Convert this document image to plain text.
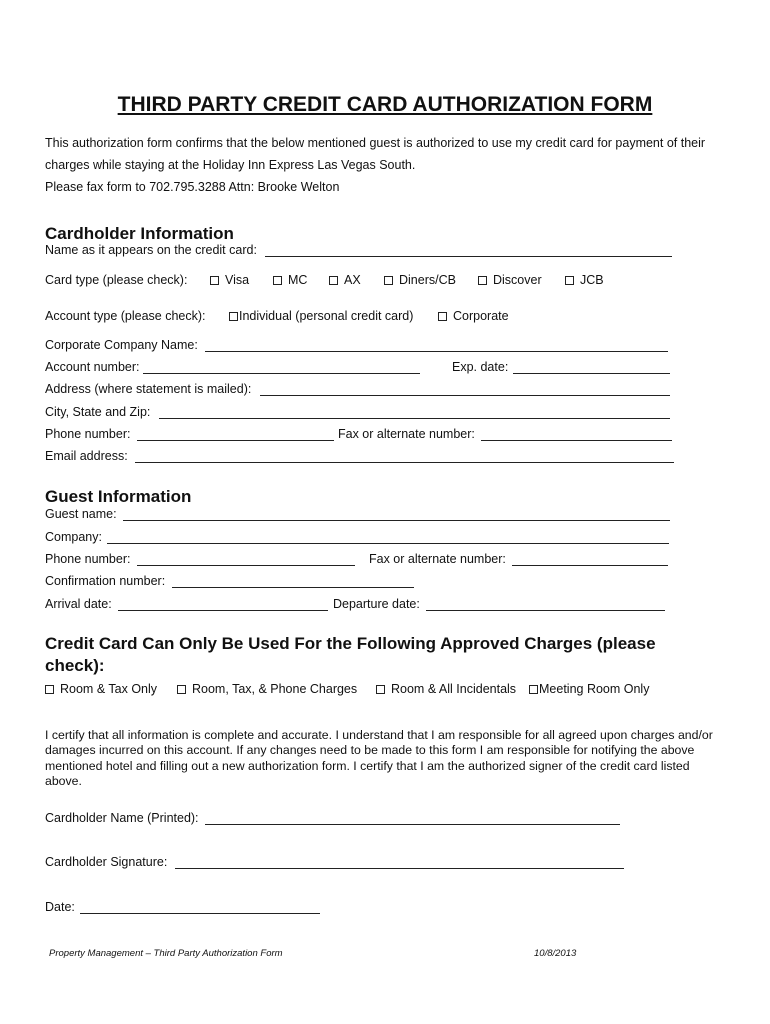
THIRD PARTY CREDIT CARD AUTHORIZATION FORM
This authorization form confirms that the below mentioned guest is authorized to use my credit card for payment of their
charges while staying at the Holiday Inn Express Las Vegas South.
Please fax form to 702.795.3288 Attn: Brooke Welton
Cardholder Information
Name as it appears on the credit card:
Card type (please check):	Visa	MC	AX	Diners/CB	Discover	JCB
Account type (please check):	Individual (personal credit card)	Corporate
Corporate Company Name:
Account number:	Exp. date:
Address (where statement is mailed):
City, State and Zip:
Phone number:	Fax or alternate number:
Email address:
Guest Information
Guest name:
Company:
Phone number:	Fax or alternate number:
Confirmation number:
Arrival date:	Departure date:
Credit Card Can Only Be Used For the Following Approved Charges (please check):
Room & Tax Only	Room, Tax, & Phone Charges	Room & All Incidentals Meeting Room Only
I certify that all information is complete and accurate. I understand that I am responsible for all agreed upon charges and/or damages incurred on this account. If any changes need to be made to this form I am responsible for notifying the above mentioned hotel and filling out a new authorization form. I certify that I am the authorized signer of the credit card listed above.
Cardholder Name (Printed):
Cardholder Signature:
Date:
Property Management – Third Party Authorization Form	10/8/2013
